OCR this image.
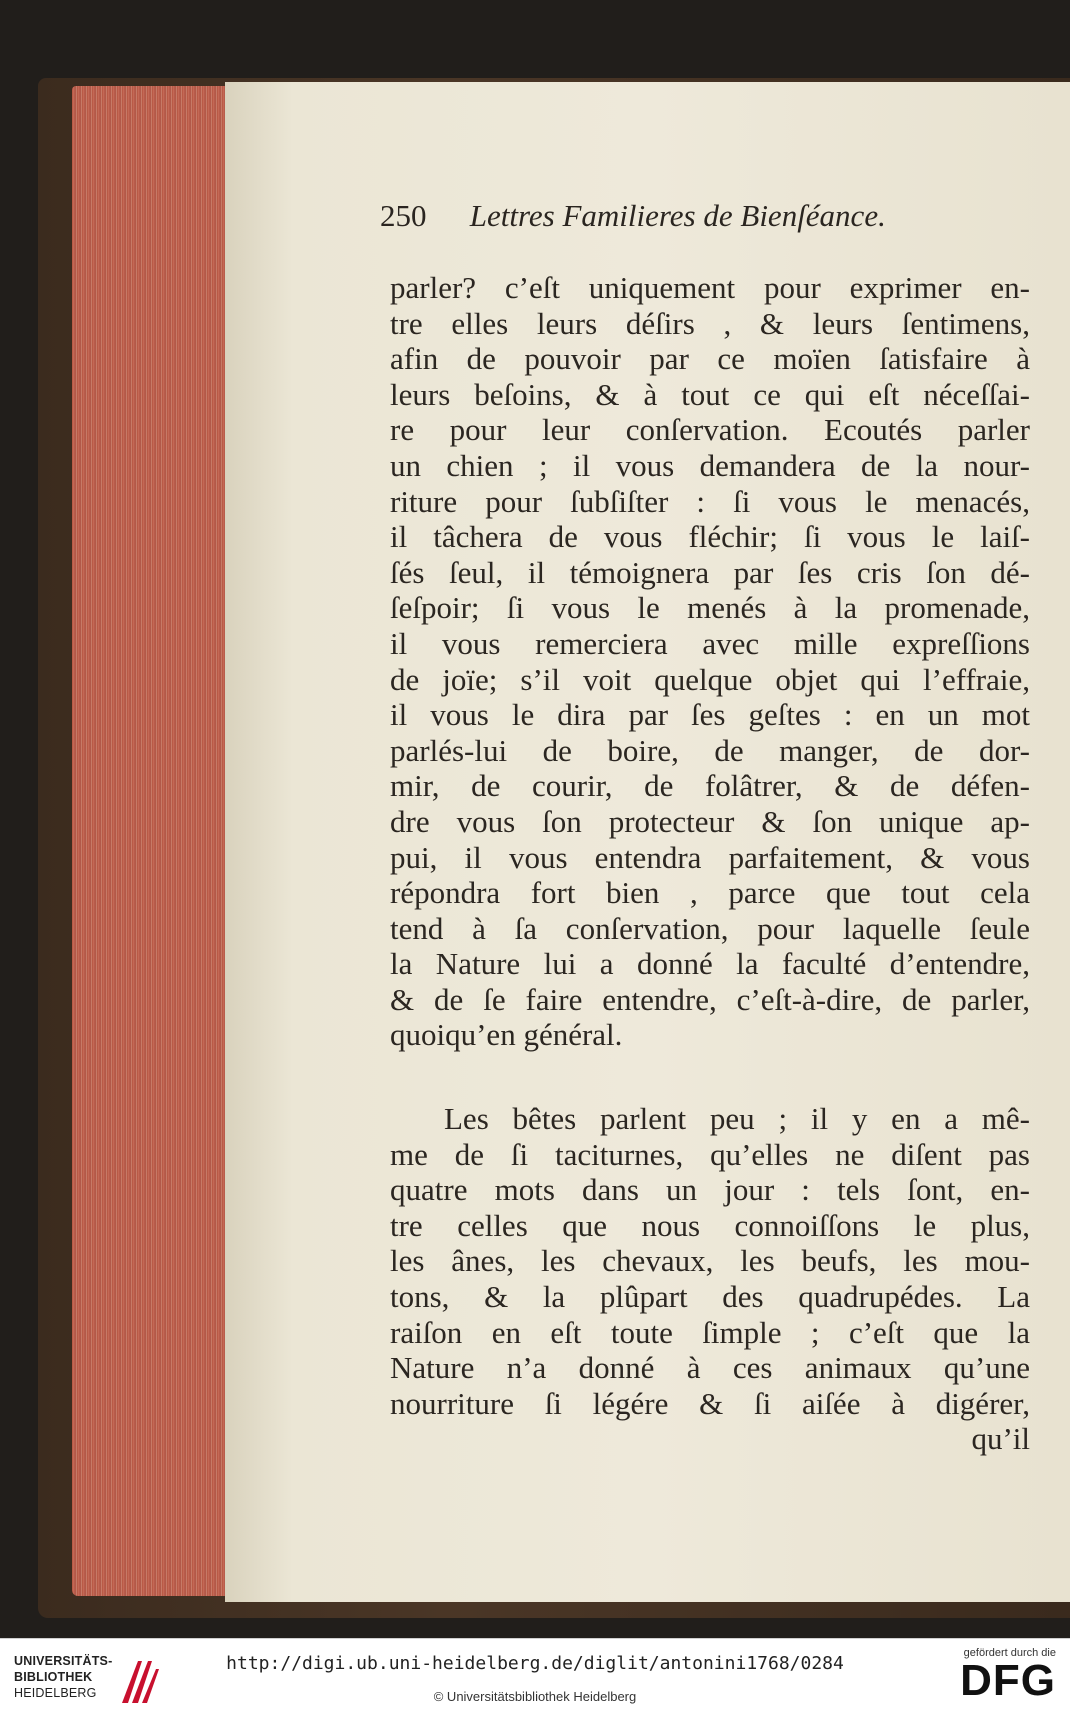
250 Lettres Familieres de Bienſéance.
parler? c’eſt uniquement pour exprimer en-
tre elles leurs déſirs , & leurs ſentimens,
afin de pouvoir par ce moïen ſatisfaire à
leurs beſoins, & à tout ce qui eſt néceſſai-
re pour leur conſervation. Ecoutés parler
un chien ; il vous demandera de la nour-
riture pour ſubſiſter : ſi vous le menacés,
il tâchera de vous fléchir; ſi vous le laiſ-
ſés ſeul, il témoignera par ſes cris ſon dé-
ſeſpoir; ſi vous le menés à la promenade,
il vous remerciera avec mille expreſſions
de joïe; s’il voit quelque objet qui l’effraie,
il vous le dira par ſes geſtes : en un mot
parlés-lui de boire, de manger, de dor-
mir, de courir, de folâtrer, & de défen-
dre vous ſon protecteur & ſon unique ap-
pui, il vous entendra parfaitement, & vous
répondra fort bien , parce que tout cela
tend à ſa conſervation, pour laquelle ſeule
la Nature lui a donné la faculté d’entendre,
& de ſe faire entendre, c’eſt-à-dire, de parler,
quoiqu’en général.
Les bêtes parlent peu ; il y en a mê-
me de ſi taciturnes, qu’elles ne diſent pas
quatre mots dans un jour : tels ſont, en-
tre celles que nous connoiſſons le plus,
les ânes, les chevaux, les beufs, les mou-
tons, & la plûpart des quadrupédes. La
raiſon en eſt toute ſimple ; c’eſt que la
Nature n’a donné à ces animaux qu’une
nourriture ſi légére & ſi aiſée à digérer,
qu’il
UNIVERSITÄTS-
BIBLIOTHEK
HEIDELBERG
http://digi.ub.uni-heidelberg.de/diglit/antonini1768/0284
© Universitätsbibliothek Heidelberg
gefördert durch die
DFG
